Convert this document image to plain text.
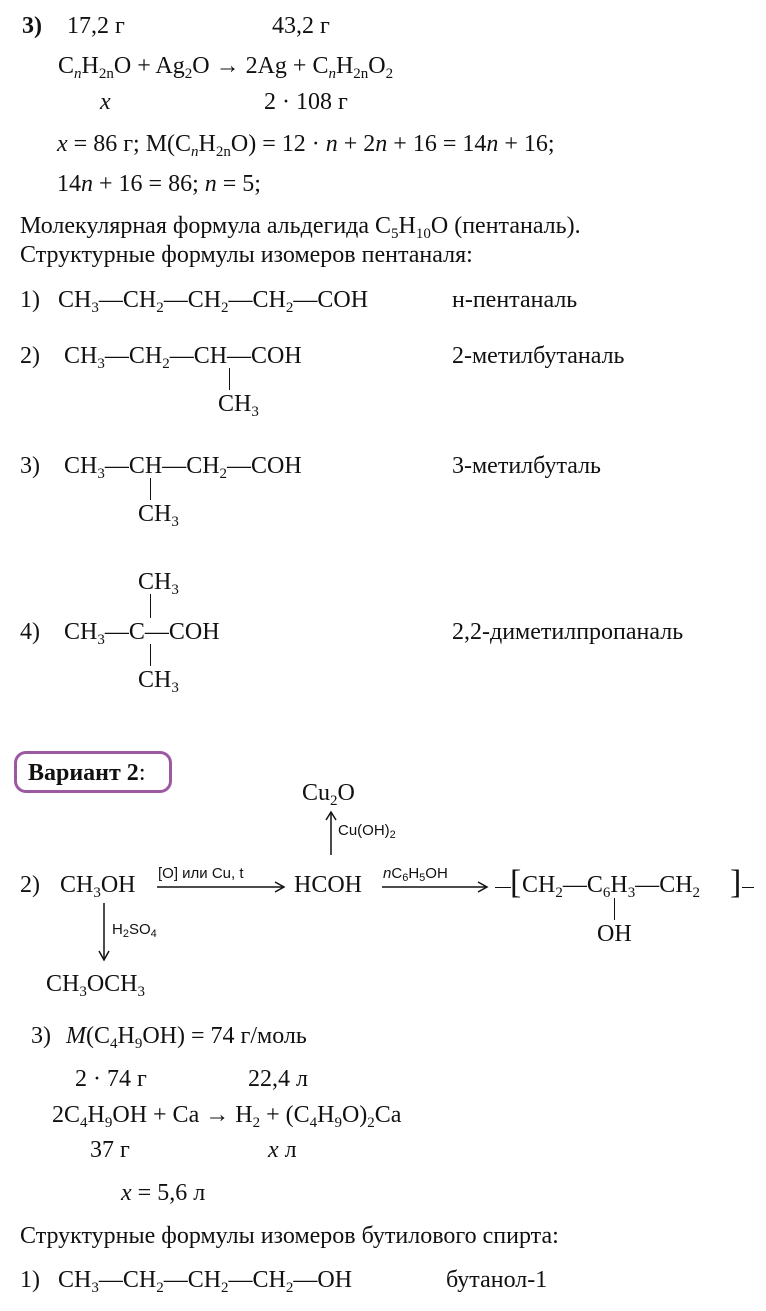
3) 17,2 г	43,2 г
$C_nH_{2n}O + Ag_2O \to 2Ag + C_nH_{2n}O_2$
x	2 · 108 г
x = 86 г; $M(C_nH_{2n}O) = 12 \cdot n + 2n + 16 = 14n + 16$;
14n + 16 = 86; n = 5;
Молекулярная формула альдегида $C_5H_{10}O$ (пентаналь).
Структурные формулы изомеров пентаналя:
1) $CH_3—CH_2—CH_2—CH_2—COH$	н-пентаналь
2) $CH_3—CH_2—CH—COH$
$CH_3$
2-метилбутаналь
3) $CH_3—CH—CH_2—COH$
$CH_3$
3-метилбуталь
$CH_3$
4) $CH_3—C—COH$
$CH_3$
2,2-диметилпропаналь
Вариант 2:
$Cu_2O$
$Cu(OH)_2$
2) $CH_3OH$ [O] или Cu, t HCOH $nC_6H_5OH$ [ $CH_2—C_6H_3—CH_2$ ]
OH
$H_2SO_4$
$CH_3OCH_3$
3) $M(C_4H_9OH) = 74$ г/моль
2 · 74 г	22,4 л
$2C_4H_9OH + Ca \to H_2 + (C_4H_9O)_2Ca$
37 г	x л
x = 5,6 л
Структурные формулы изомеров бутилового спирта:
1) $CH_3—CH_2—CH_2—CH_2—OH$	бутанол-1
